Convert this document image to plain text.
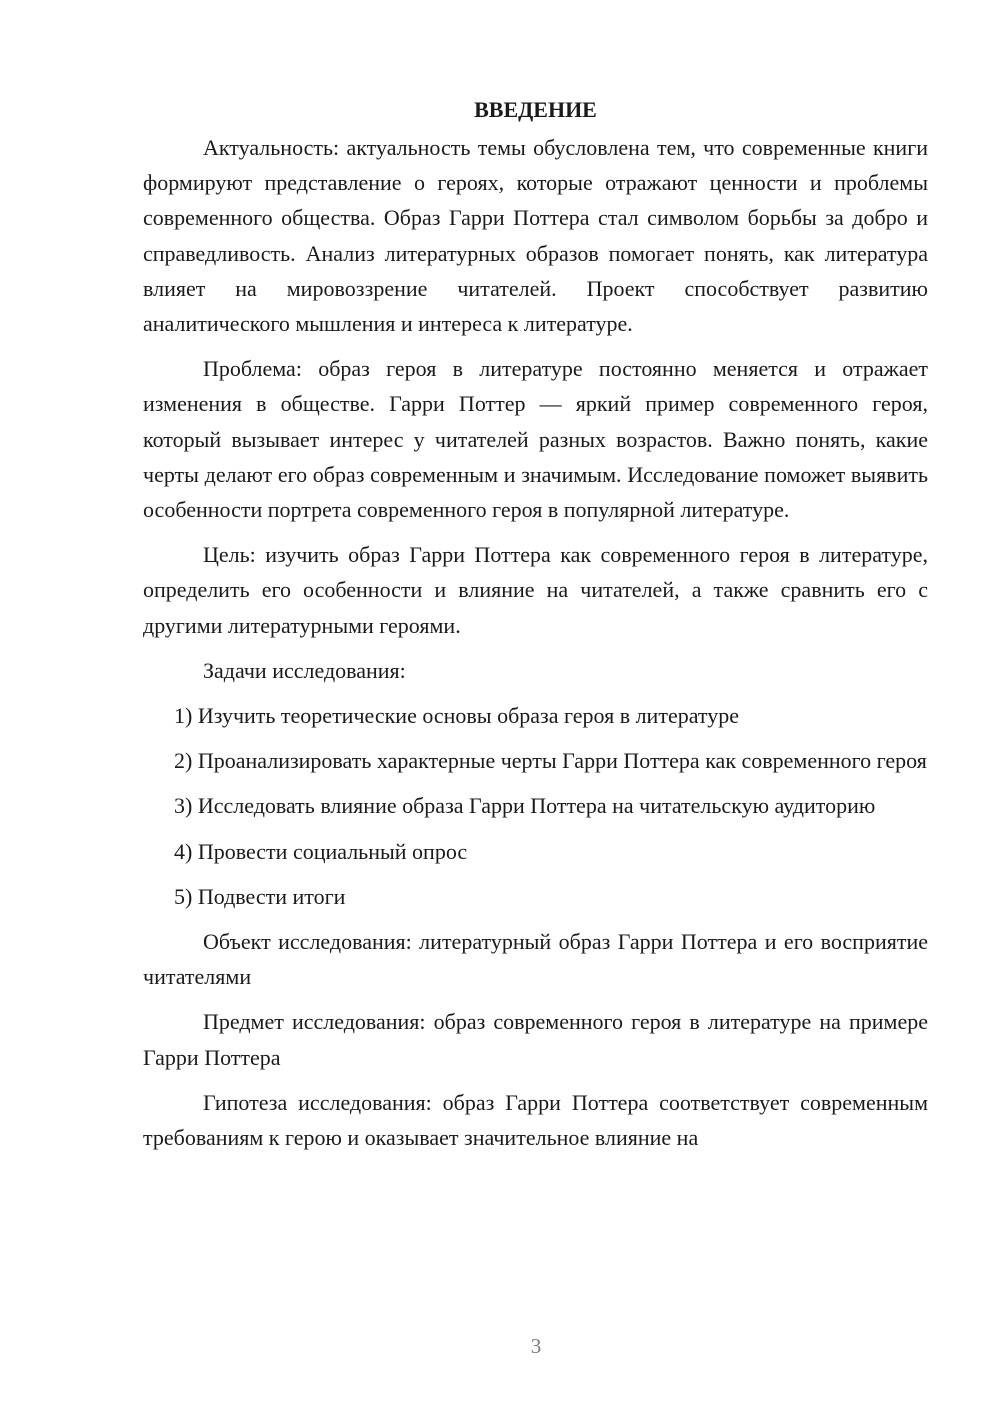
ВВЕДЕНИЕ

Актуальность: актуальность темы обусловлена тем, что современные книги формируют представление о героях, которые отражают ценности и проблемы современного общества. Образ Гарри Поттера стал символом борьбы за добро и справедливость. Анализ литературных образов помогает понять, как литература влияет на мировоззрение читателей. Проект способствует развитию аналитического мышления и интереса к литературе.

Проблема: образ героя в литературе постоянно меняется и отражает изменения в обществе. Гарри Поттер — яркий пример современного героя, который вызывает интерес у читателей разных возрастов. Важно понять, какие черты делают его образ современным и значимым. Исследование поможет выявить особенности портрета современного героя в популярной литературе.

Цель: изучить образ Гарри Поттера как современного героя в литературе, определить его особенности и влияние на читателей, а также сравнить его с другими литературными героями.

Задачи исследования:

1) Изучить теоретические основы образа героя в литературе

2) Проанализировать характерные черты Гарри Поттера как современного героя

3) Исследовать влияние образа Гарри Поттера на читательскую аудиторию

4) Провести социальный опрос

5) Подвести итоги

Объект исследования: литературный образ Гарри Поттера и его восприятие читателями

Предмет исследования: образ современного героя в литературе на примере Гарри Поттера

Гипотеза исследования: образ Гарри Поттера соответствует современным требованиям к герою и оказывает значительное влияние на

3
